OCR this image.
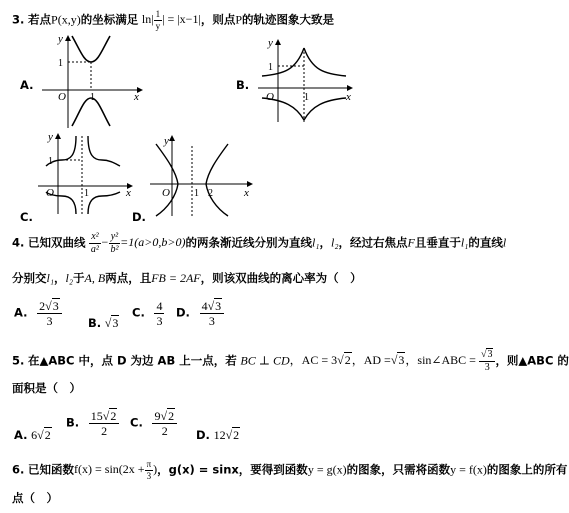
3. 若点P(x,y)的坐标满足 $\ln| \frac{1}{y}$ | = |x−1|，则点P的轨迹图象大致是
A.
y
1
O 1	x
B.
y
1
O	1	x
C.
y
1
O	1	x
D.
y
O 1 2	x
4. 已知双曲线 $\frac{\text{x²}}{\text{a²}} - \frac{\text{y²}}{\text{b²}} =1(a>0,b>0)$的两条渐近线分别为直线l₁，l₂，经过右焦点F且垂直于l₁的直线l
分别交l₁，l₂于A, B两点，且FB = 2AF，则该双曲线的离心率为（　）
A. $\frac{2√3}{3} B$. √3
C. $\frac{4}{3} D$. $\frac{4√3}{3}$
5. 在▲ABC 中，点 D 为边 AB 上一点，若 BC ⊥ CD，AC = 3√2，AD =√3，sin∠ABC = $\frac{√3}{3}$ ，则▲ABC 的
面积是（　）
A. 6√2
B. $\frac{15√2}{2} C$. $\frac{9√2}{2} D$. 12√2
6. 已知函数$f(x) = \sin(2x + \frac{\pi}{3}$ )，g(x) = sinx，要得到函数y = g(x)的图象，只需将函数y = f(x)的图象上的所有
点（　）
